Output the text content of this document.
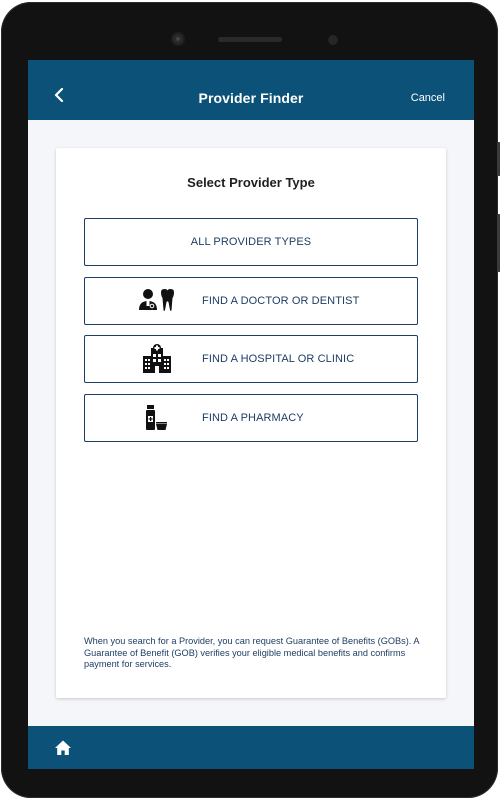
Provider Finder	Cancel
Select Provider Type
ALL PROVIDER TYPES
FIND A DOCTOR OR DENTIST
FIND A HOSPITAL OR CLINIC
FIND A PHARMACY
When you search for a Provider, you can request Guarantee of Benefits (GOBs). A Guarantee of Benefit (GOB) verifies your eligible medical benefits and confirms payment for services.
